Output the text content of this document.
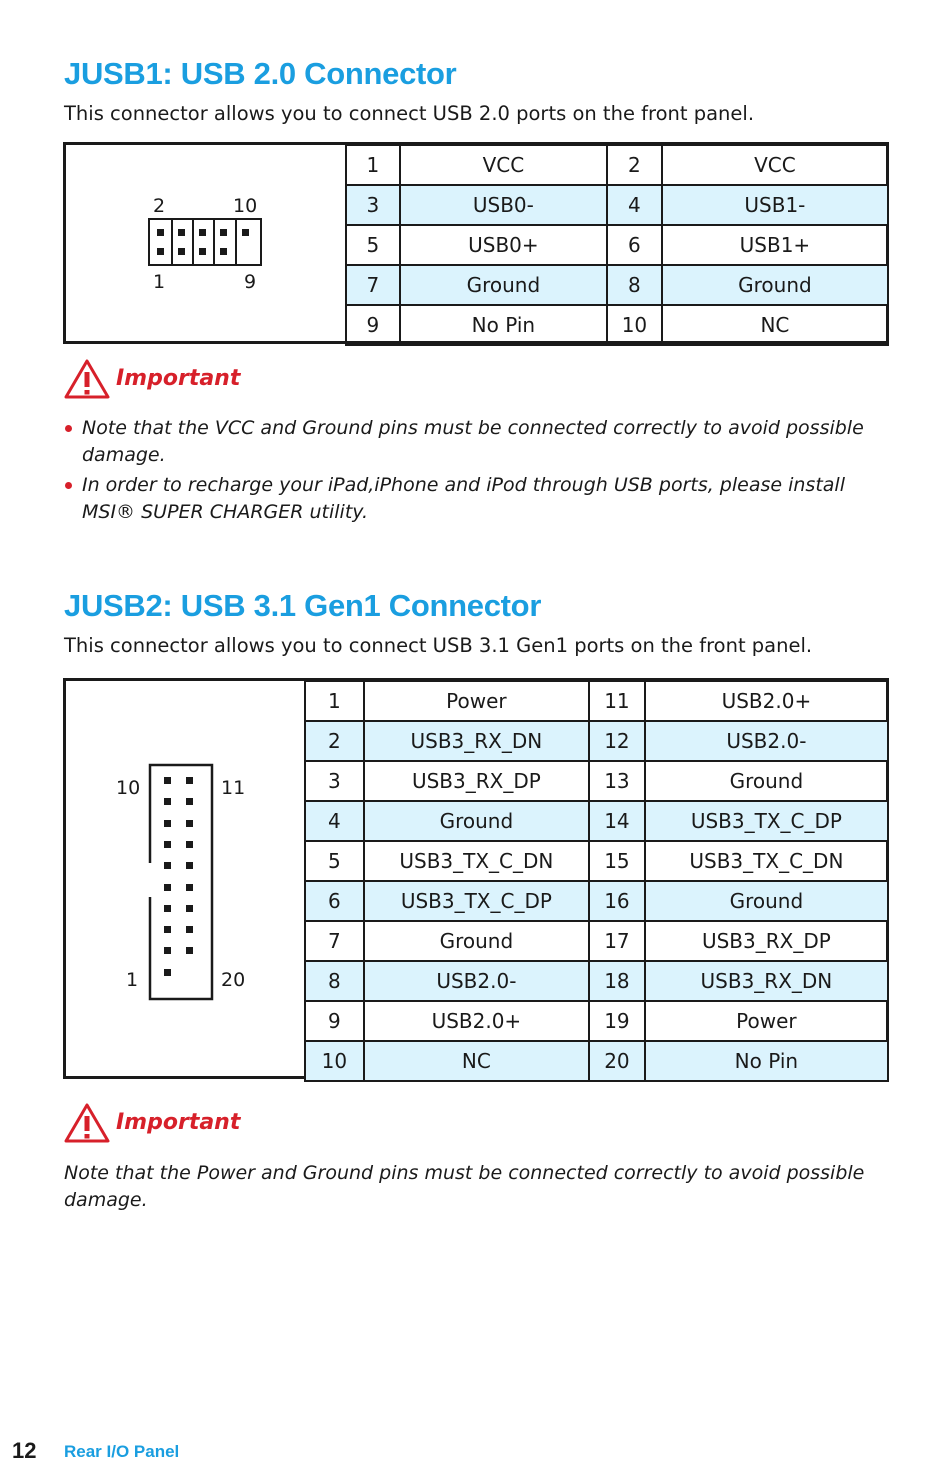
JUSB1: USB 2.0 Connector
This connector allows you to connect USB 2.0 ports on the front panel.
2	10
1	9
1	VCC	2	VCC
3	USB0-	4	USB1-
5	USB0+	6	USB1+
7	Ground	8	Ground
9	No Pin	10	NC
Important
Note that the VCC and Ground pins must be connected correctly to avoid possible damage.
In order to recharge your iPad,iPhone and iPod through USB ports, please install MSI® SUPER CHARGER utility.
JUSB2: USB 3.1 Gen1 Connector
This connector allows you to connect USB 3.1 Gen1 ports on the front panel.
10	11
1	20
1	Power	11	USB2.0+
2	USB3_RX_DN	12	USB2.0-
3	USB3_RX_DP	13	Ground
4	Ground	14	USB3_TX_C_DP
5	USB3_TX_C_DN	15	USB3_TX_C_DN
6	USB3_TX_C_DP	16	Ground
7	Ground	17	USB3_RX_DP
8	USB2.0-	18	USB3_RX_DN
9	USB2.0+	19	Power
10	NC	20	No Pin
Important
Note that the Power and Ground pins must be connected correctly to avoid possible damage.
12 Rear I/O Panel
